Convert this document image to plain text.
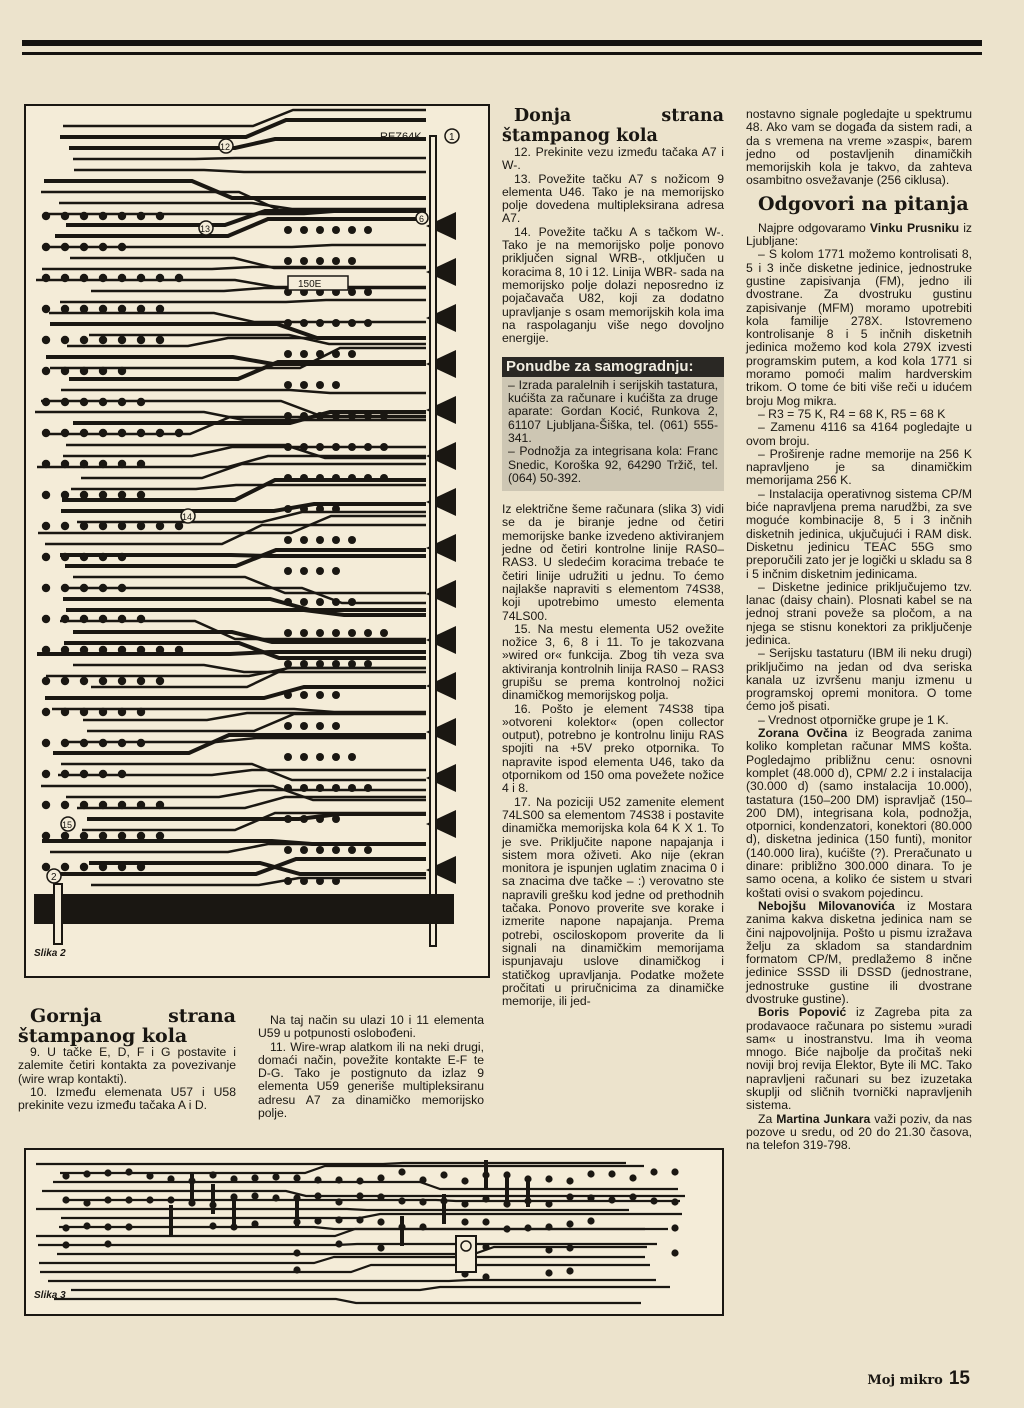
REZ64K	1
12
13
14
15
2
6
150E
Slika 2
Slika 3

Gornja strana štampanog kola

9. U tačke E, D, F i G postavite i zalemite četiri kontakta za povezivanje (wire wrap kontakti).

10. Između elemenata U57 i U58 prekinite vezu između tačaka A i D.

Na taj način su ulazi 10 i 11 elementa U59 u potpunosti oslobođeni.

11. Wire-wrap alatkom ili na neki drugi, domaći način, povežite kontakte E-F te D-G. Tako je postignuto da izlaz 9 elementa U59 generiše multipleksiranu adresu A7 za dinamičko memorijsko polje.

Donja strana štampanog kola

12. Prekinite vezu između tačaka A7 i W-.

13. Povežite tačku A7 s nožicom 9 elementa U46. Tako je na memorijsko polje dovedena multipleksirana adresa A7.

14. Povežite tačku A s tačkom W-. Tako je na memorijsko polje ponovo priključen signal WRB-, otključen u koracima 8, 10 i 12. Linija WBR- sada na memorijsko polje dolazi neposredno iz pojačavača U82, koji za dodatno upravljanje s osam memorijskih kola ima na raspolaganju više nego dovoljno energije.

Ponudbe za samogradnju:

– Izrada paralelnih i serijskih tastatura, kućišta za računare i kućišta za druge aparate: Gordan Kocić, Runkova 2, 61107 Ljubljana-Šiška, tel. (061) 555-341.

– Podnožja za integrisana kola: Franc Snedic, Koroška 92, 64290 Tržič, tel. (064) 50-392.

Iz električne šeme računara (slika 3) vidi se da je biranje jedne od četiri memorijske banke izvedeno aktiviranjem jedne od četiri kontrolne linije RAS0–RAS3. U sledećim koracima trebaće te četiri linije udružiti u jednu. To ćemo najlakše napraviti s elementom 74S38, koji upotrebimo umesto elementa 74LS00.

15. Na mestu elementa U52 ovežite nožice 3, 6, 8 i 11. To je takozvana »wired or« funkcija. Zbog tih veza sva aktiviranja kontrolnih linija RAS0 – RAS3 grupišu se prema kontrolnoj nožici dinamičkog memorijskog polja.

16. Pošto je element 74S38 tipa »otvoreni kolektor« (open collector output), potrebno je kontrolnu liniju RAS spojiti na +5V preko otpornika. To napravite ispod elementa U46, tako da otpornikom od 150 oma povežete nožice 4 i 8.

17. Na poziciji U52 zamenite element 74LS00 sa elementom 74S38 i postavite dinamička memorijska kola 64 K X 1. To je sve. Priključite napone napajanja i sistem mora oživeti. Ako nije (ekran monitora je ispunjen uglatim znacima 0 i sa znacima dve tačke – :) verovatno ste napravili grešku kod jedne od prethodnih tačaka. Ponovo proverite sve korake i izmerite napone napajanja. Prema potrebi, osciloskopom proverite da li signali na dinamičkim memorijama ispunjavaju uslove dinamičkog i statičkog upravljanja. Podatke možete pročitati u priručnicima za dinamičke memorije, ili jed-

nostavno signale pogledajte u spektrumu 48. Ako vam se događa da sistem radi, a da s vremena na vreme »zaspi«, barem jedno od postavljenih dinamičkih memorijskih kola je takvo, da zahteva osambitno osvežavanje (256 ciklusa).

Odgovori na pitanja

Najpre odgovaramo Vinku Prusniku iz Ljubljane:

– S kolom 1771 možemo kontrolisati 8, 5 i 3 inče disketne jedinice, jednostruke gustine zapisivanja (FM), jedno ili dvostrane. Za dvostruku gustinu zapisivanje (MFM) moramo upotrebiti kola familije 278X. Istovremeno kontrolisanje 8 i 5 inčnih disketnih jedinica možemo kod kola 279X izvesti programskim putem, a kod kola 1771 si moramo pomoći malim hardverskim trikom. O tome će biti više reči u idućem broju Mog mikra.

– R3 = 75 K, R4 = 68 K, R5 = 68 K

– Zamenu 4116 sa 4164 pogledajte u ovom broju.

– Proširenje radne memorije na 256 K napravljeno je sa dinamičkim memorijama 256 K.

– Instalacija operativnog sistema CP/M biće napravljena prema narudžbi, za sve moguće kombinacije 8, 5 i 3 inčnih disketnih jedinica, ukjučujući i RAM disk. Disketnu jedinicu TEAC 55G smo preporučili zato jer je logički u skladu sa 8 i 5 inčnim disketnim jedinicama.

– Disketne jedinice priključujemo tzv. lanac (daisy chain). Plosnati kabel se na jednoj strani poveže sa pločom, a na njega se stisnu konektori za priključenje jedinica.

– Serijsku tastaturu (IBM ili neku drugi) priključimo na jedan od dva seriska kanala uz izvršenu manju izmenu u programskoj opremi monitora. O tome ćemo još pisati.

– Vrednost otporničke grupe je 1 K.

Zorana Ovčina iz Beograda zanima koliko kompletan računar MMS košta. Pogledajmo približnu cenu: osnovni komplet (48.000 d), CPM/ 2.2 i instalacija (30.000 d) (samo instalacija 10.000), tastatura (150–200 DM) ispravljač (150–200 DM), integrisana kola, podnožja, otpornici, kondenzatori, konektori (80.000 d), disketna jedinica (150 funti), monitor (140.000 lira), kućište (?). Preračunato u dinare: približno 300.000 dinara. To je samo ocena, a koliko će sistem u stvari koštati ovisi o svakom pojedincu.

Nebojšu Milovanovića iz Mostara zanima kakva disketna jedinica nam se čini najpovoljnija. Pošto u pismu izražava želju za skladom sa standardnim formatom CP/M, predlažemo 8 inčne jedinice SSSD ili DSSD (jednostrane, jednostruke gustine ili dvostrane dvostruke gustine).

Boris Popović iz Zagreba pita za prodavaoce računara po sistemu »uradi sam« u inostranstvu. Ima ih veoma mnogo. Biće najbolje da pročitaš neki noviji broj revija Elektor, Byte ili MC. Tako napravljeni računari su bez izuzetaka skuplji od sličnih tvornički napravljenih sistema.

Za Martina Junkara važi poziv, da nas pozove u sredu, od 20 do 21.30 časova, na telefon 319-798.

Moj mikro 15
